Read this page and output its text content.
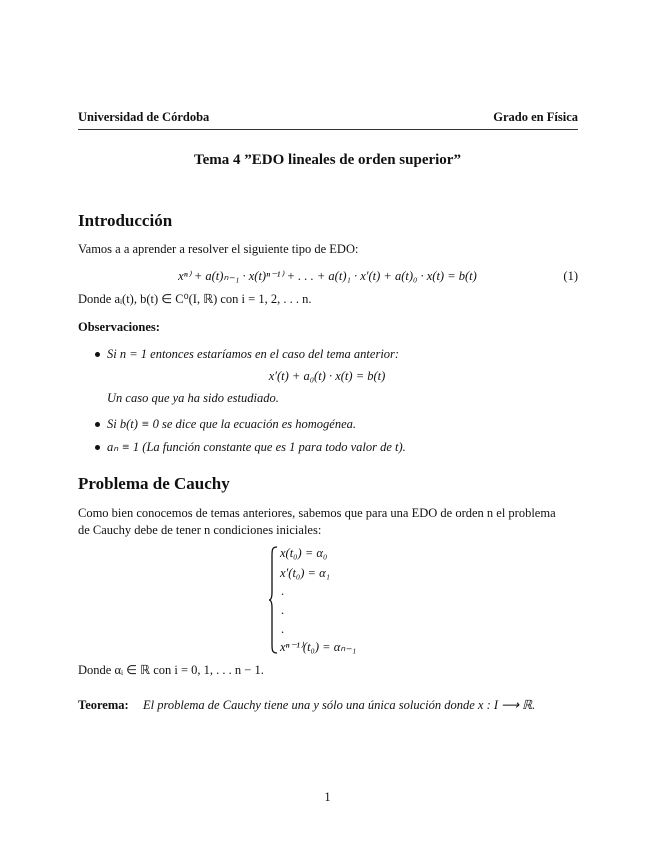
Universidad de Córdoba	Grado en Física
Tema 4 ”EDO lineales de orden superior”
Introducción
Vamos a a aprender a resolver el siguiente tipo de EDO:
xⁿ⁾ + a(t)ₙ₋₁ · x(t)ⁿ⁻¹⁾ + . . . + a(t)₁ · x′(t) + a(t)₀ · x(t) = b(t)	(1)
Donde aᵢ(t), b(t) ∈ C⁰(I, ℝ) con i = 1, 2, . . . n.
Observaciones:
Si n = 1 entonces estaríamos en el caso del tema anterior:
x′(t) + a₀(t) · x(t) = b(t)
Un caso que ya ha sido estudiado.
Si b(t) ≡ 0 se dice que la ecuación es homogénea.
aₙ ≡ 1 (La función constante que es 1 para todo valor de t).
Problema de Cauchy
Como bien conocemos de temas anteriores, sabemos que para una EDO de orden n el problema
de Cauchy debe de tener n condiciones iniciales:
x(t₀) = α₀
x′(t₀) = α₁
.
.
.
xⁿ⁻¹⁾(t₀) = αₙ₋₁
Donde αᵢ ∈ ℝ con i = 0, 1, . . . n − 1.
Teorema: El problema de Cauchy tiene una y sólo una única solución donde x : I ⟶ ℝ.
1
